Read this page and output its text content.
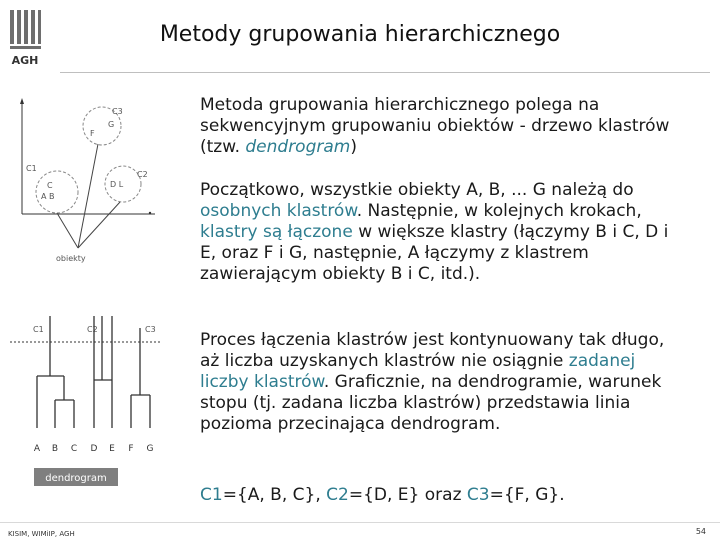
AGH
Metody grupowania hierarchicznego
C3
G
F
C1
C2
C
A B
D L
obiekty
C1	C2	C3
A B C D E F G
dendrogram
Metoda grupowania hierarchicznego polega na sekwencyjnym grupowaniu obiektów - drzewo klastrów (tzw. dendrogram)
Początkowo, wszystkie obiekty A, B, ... G należą do osobnych klastrów. Następnie, w kolejnych krokach, klastry są łączone w większe klastry (łączymy B i C, D i E, oraz F i G, następnie, A łączymy z klastrem zawierającym obiekty B i C, itd.).
Proces łączenia klastrów jest kontynuowany tak długo, aż liczba uzyskanych klastrów nie osiągnie zadanej liczby klastrów. Graficznie, na dendrogramie, warunek stopu (tj. zadana liczba klastrów) przedstawia linia pozioma przecinająca dendrogram.
C1={A, B, C}, C2={D, E} oraz C3={F, G}.
KISIM, WIMiIP, AGH	54
